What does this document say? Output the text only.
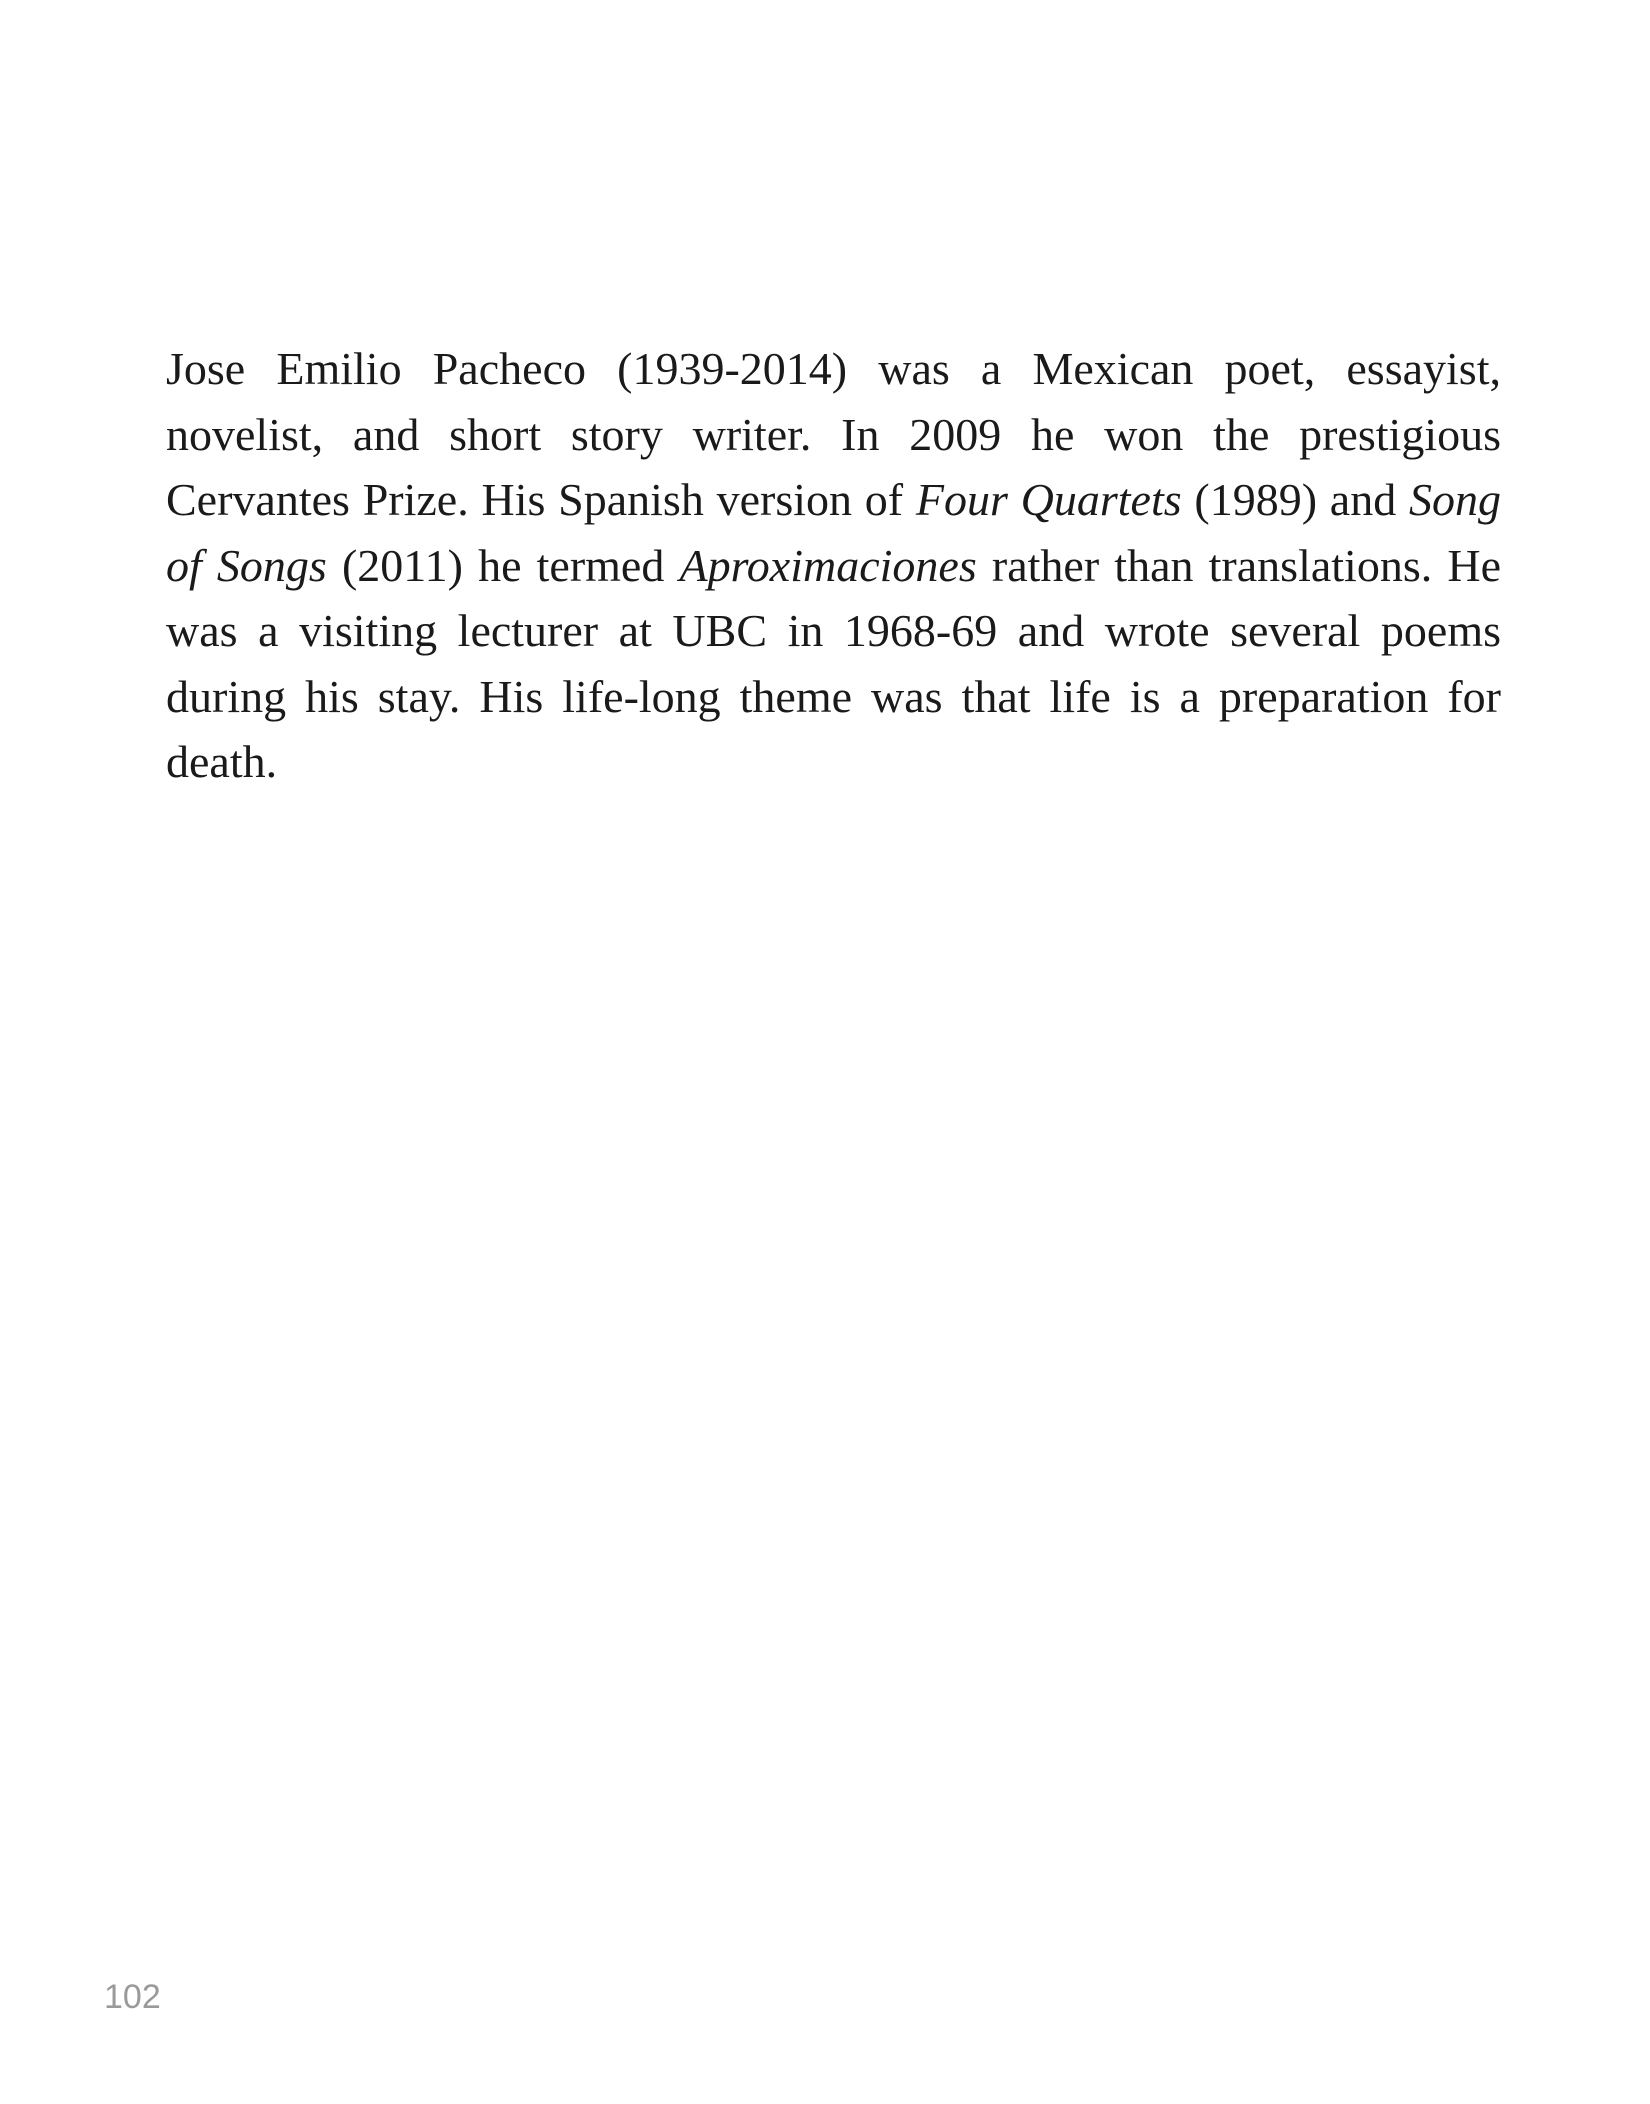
Jose Emilio Pacheco (1939-2014) was a Mexican poet, essayist, novelist, and short story writer. In 2009 he won the prestigious Cervantes Prize. His Spanish version of Four Quartets (1989) and Song of Songs (2011) he termed Aproximaciones rather than translations. He was a visiting lecturer at UBC in 1968-69 and wrote several poems during his stay. His life-long theme was that life is a preparation for death.

102
